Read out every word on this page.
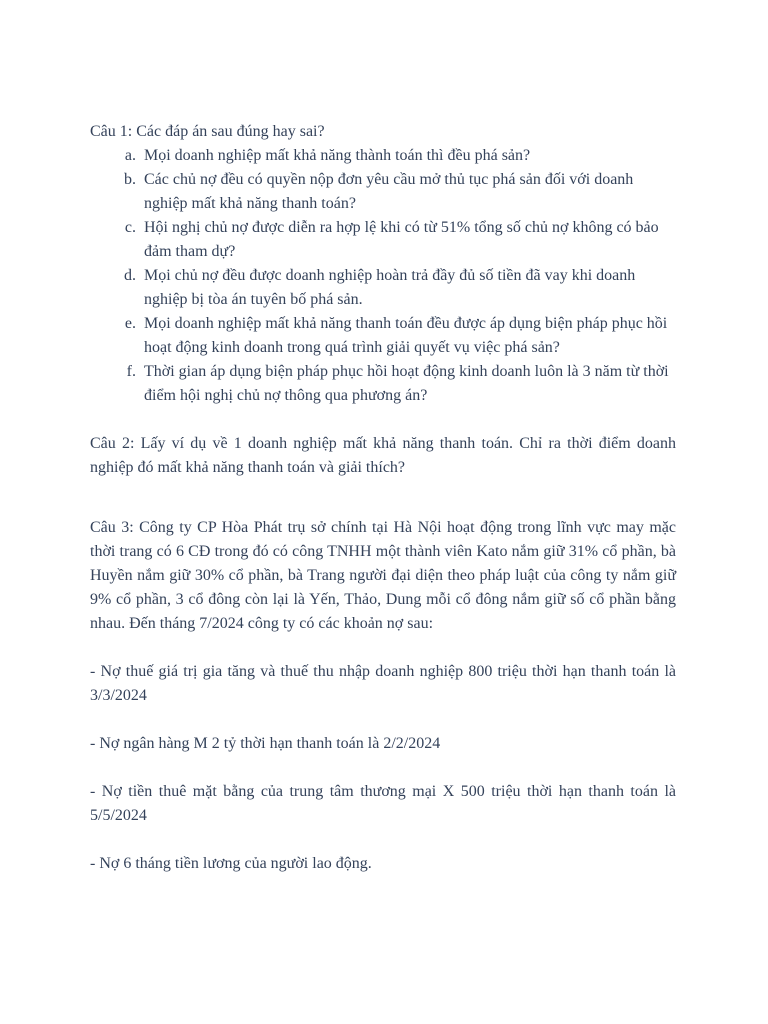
Câu 1: Các đáp án sau đúng hay sai?

a. Mọi doanh nghiệp mất khả năng thành toán thì đều phá sản?
b. Các chủ nợ đều có quyền nộp đơn yêu cầu mở thủ tục phá sản đối với doanh nghiệp mất khả năng thanh toán?
c. Hội nghị chủ nợ được diễn ra hợp lệ khi có từ 51% tổng số chủ nợ không có bảo đảm tham dự?
d. Mọi chủ nợ đều được doanh nghiệp hoàn trả đầy đủ số tiền đã vay khi doanh nghiệp bị tòa án tuyên bố phá sản.
e. Mọi doanh nghiệp mất khả năng thanh toán đều được áp dụng biện pháp phục hồi hoạt động kinh doanh trong quá trình giải quyết vụ việc phá sản?
f. Thời gian áp dụng biện pháp phục hồi hoạt động kinh doanh luôn là 3 năm từ thời điểm hội nghị chủ nợ thông qua phương án?

Câu 2: Lấy ví dụ về 1 doanh nghiệp mất khả năng thanh toán. Chỉ ra thời điểm doanh nghiệp đó mất khả năng thanh toán và giải thích?

Câu 3: Công ty CP Hòa Phát trụ sở chính tại Hà Nội hoạt động trong lĩnh vực may mặc thời trang có 6 CĐ trong đó có công TNHH một thành viên Kato nắm giữ 31% cổ phần, bà Huyền nắm giữ 30% cổ phần, bà Trang người đại diện theo pháp luật của công ty nắm giữ 9% cổ phần, 3 cổ đông còn lại là Yến, Thảo, Dung mỗi cổ đông nắm giữ số cổ phần bằng nhau. Đến tháng 7/2024 công ty có các khoản nợ sau:

- Nợ thuế giá trị gia tăng và thuế thu nhập doanh nghiệp 800 triệu thời hạn thanh toán là 3/3/2024

- Nợ ngân hàng M 2 tỷ thời hạn thanh toán là 2/2/2024

- Nợ tiền thuê mặt bằng của trung tâm thương mại X 500 triệu thời hạn thanh toán là 5/5/2024

- Nợ 6 tháng tiền lương của người lao động.
